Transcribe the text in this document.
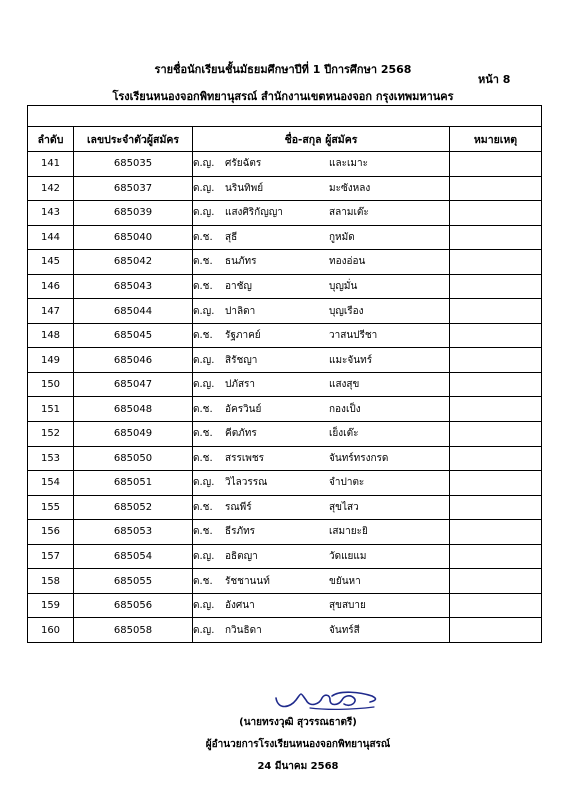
รายชื่อนักเรียนชั้นมัธยมศึกษาปีที่ 1 ปีการศึกษา 2568
หน้า 8
โรงเรียนหนองจอกพิทยานุสรณ์ สำนักงานเขตหนองจอก กรุงเทพมหานคร

ลำดับ	เลขประจำตัวผู้สมัคร	ชื่อ-สกุล ผู้สมัคร	หมายเหตุ
141	685035	ด.ญ. ศรัยฉัตร และเมาะ	
142	685037	ด.ญ. นรินทิพย์ มะซังหลง	
143	685039	ด.ญ. แสงศิริกัญญา สลามเต๊ะ	
144	685040	ด.ช. สุธี กูหมัด	
145	685042	ด.ช. ธนภัทร ทองอ่อน	
146	685043	ด.ช. อาชัญ บุญมั่น	
147	685044	ด.ญ. ปาลิดา บุญเรือง	
148	685045	ด.ช. รัฐภาคย์ วาสนปรีชา	
149	685046	ด.ญ. สิรัชญา แมะจันทร์	
150	685047	ด.ญ. ปภัสรา แสงสุข	
151	685048	ด.ช. อัครวินย์ กองเป็ง	
152	685049	ด.ช. คีตภัทร เย็งเต๊ะ	
153	685050	ด.ช. สรรเพชร จันทร์ทรงกรด	
154	685051	ด.ญ. วิไลวรรณ จำปาตะ	
155	685052	ด.ช. รณพีร์ สุขไสว	
156	685053	ด.ช. ธีรภัทร เสมายะยิ	
157	685054	ด.ญ. อธิตญา วัดแยแม	
158	685055	ด.ช. รัชชานนท์ ขยันหา	
159	685056	ด.ญ. อังศนา สุขสบาย	
160	685058	ด.ญ. กวินธิดา จันทร์สี	
(นายทรงวุฒิ สุวรรณธาตรี)
ผู้อำนวยการโรงเรียนหนองจอกพิทยานุสรณ์
24 มีนาคม 2568
